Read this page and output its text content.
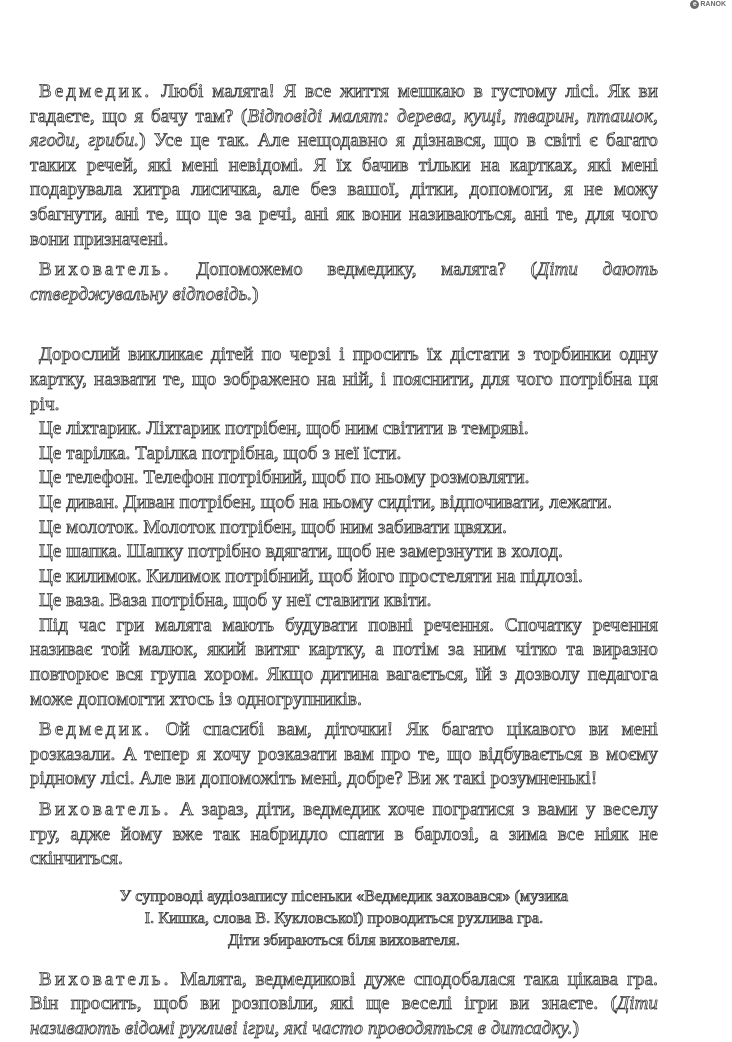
e RANOK

Ведмедик. Любі малята! Я все життя мешкаю в густому лісі. Як ви гадаєте, що я бачу там? (Відповіді малят: дерева, кущі, тварин, пташок, ягоди, гриби.) Усе це так. Але нещодавно я дізнався, що в світі є багато таких речей, які мені невідомі. Я їх бачив тільки на картках, які мені подарувала хитра лисичка, але без вашої, дітки, допомоги, я не можу збагнути, ані те, що це за речі, ані як вони називаються, ані те, для чого вони призначені.

Вихователь. Допоможемо ведмедику, малята? (Діти дають стверджувальну відповідь.)

Дорослий викликає дітей по черзі і просить їх дістати з торбинки одну картку, назвати те, що зображено на ній, і пояснити, для чого потрібна ця річ.

Це ліхтарик. Ліхтарик потрібен, щоб ним світити в темряві.

Це тарілка. Тарілка потрібна, щоб з неї їсти.

Це телефон. Телефон потрібний, щоб по ньому розмовляти.

Це диван. Диван потрібен, щоб на ньому сидіти, відпочивати, лежати.

Це молоток. Молоток потрібен, щоб ним забивати цвяхи.

Це шапка. Шапку потрібно вдягати, щоб не замерзнути в холод.

Це килимок. Килимок потрібний, щоб його простеляти на підлозі.

Це ваза. Ваза потрібна, щоб у неї ставити квіти.

Під час гри малята мають будувати повні речення. Спочатку речення називає той малюк, який витяг картку, а потім за ним чітко та виразно повторює вся група хором. Якщо дитина вагається, їй з дозволу педагога може допомогти хтось із одногрупників.

Ведмедик. Ой спасибі вам, діточки! Як багато цікавого ви мені розказали. А тепер я хочу розказати вам про те, що відбувається в моєму рідному лісі. Але ви допоможіть мені, добре? Ви ж такі розумненькі!

Вихователь. А зараз, діти, ведмедик хоче погратися з вами у веселу гру, адже йому вже так набридло спати в барлозі, а зима все ніяк не скінчиться.

У супроводі аудіозапису пісеньки «Ведмедик заховався» (музика
І. Кишка, слова В. Кукловської) проводиться рухлива гра.
Діти збираються біля вихователя.

Вихователь. Малята, ведмедикові дуже сподобалася така цікава гра. Він просить, щоб ви розповіли, які ще веселі ігри ви знаєте. (Діти називають відомі рухливі ігри, які часто проводяться в дитсадку.)
